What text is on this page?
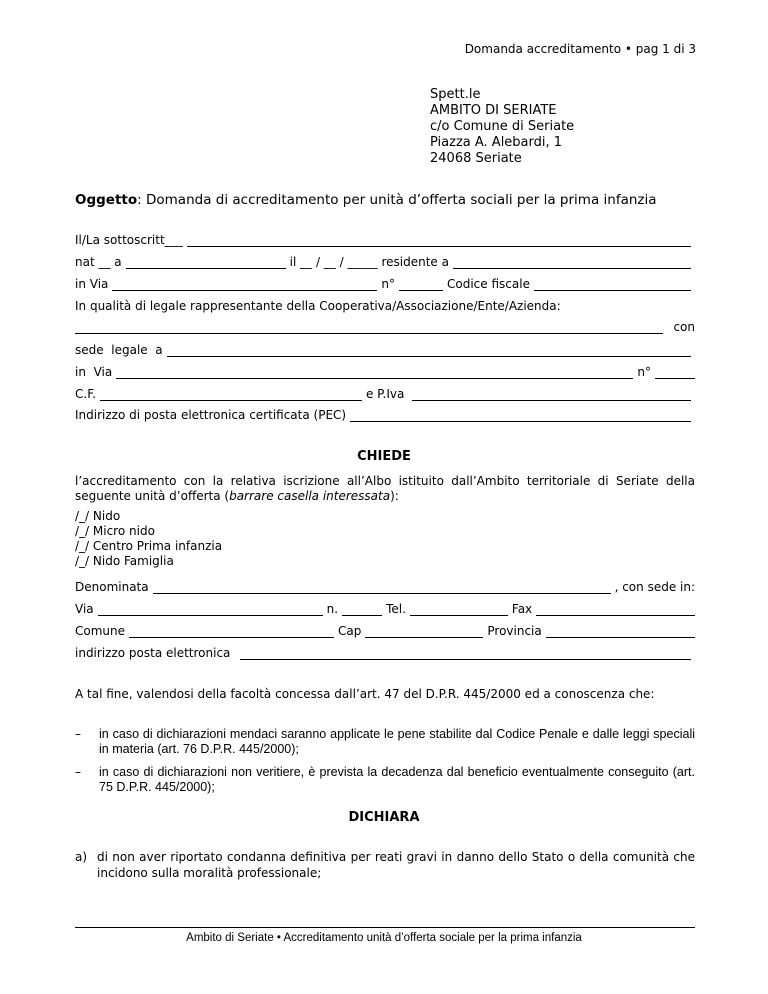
Domanda accreditamento • pag 1 di 3
Spett.le
AMBITO DI SERIATE
c/o Comune di Seriate
Piazza A. Alebardi, 1
24068 Seriate
Oggetto: Domanda di accreditamento per unità d’offerta sociali per la prima infanzia
Il/La sottoscritt___
nat __ a	il __ / __ / _____ residente a
in Via	n°	Codice fiscale
In qualità di legale rappresentante della Cooperativa/Associazione/Ente/Azienda:
con
sede  legale  a
in  Via	n°
C.F.	e P.Iva
Indirizzo di posta elettronica certificata (PEC)
CHIEDE
l’accreditamento con la relativa iscrizione all’Albo istituito dall’Ambito territoriale di Seriate della seguente unità d’offerta (barrare casella interessata):
/_/ Nido
/_/ Micro nido
/_/ Centro Prima infanzia
/_/ Nido Famiglia
Denominata	, con sede in:
Via	n.	Tel.	Fax
Comune	Cap	Provincia
indirizzo posta elettronica
A tal fine, valendosi della facoltà concessa dall’art. 47 del D.P.R. 445/2000 ed a conoscenza che:
– in caso di dichiarazioni mendaci saranno applicate le pene stabilite dal Codice Penale e dalle leggi speciali in materia (art. 76 D.P.R. 445/2000);
– in caso di dichiarazioni non veritiere, è prevista la decadenza dal beneficio eventualmente conseguito (art. 75 D.P.R. 445/2000);
DICHIARA
a) di non aver riportato condanna definitiva per reati gravi in danno dello Stato o della comunità che incidono sulla moralità professionale;
Ambito di Seriate • Accreditamento unità d’offerta sociale per la prima infanzia
